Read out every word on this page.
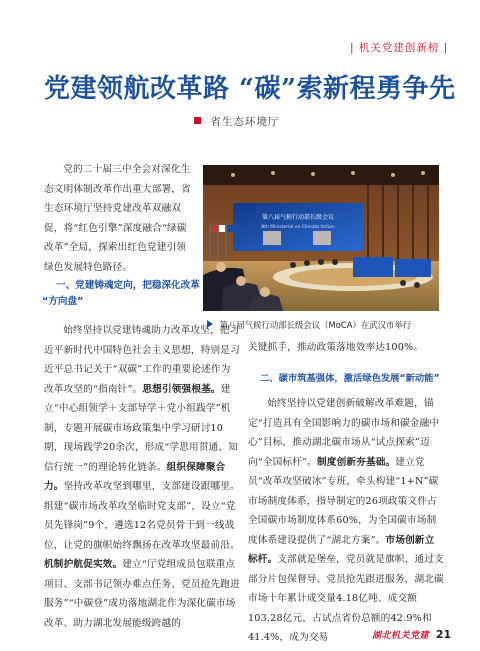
| 机关党建创新榜 |
党建领航改革路 “碳”索新程勇争先
省生态环境厅

党的二十届三中全会对深化生态文明体制改革作出重大部署，省生态环境厅坚持党建改革双融双促，将“红色引擎”深度融合“绿碳改革”全局，探索出红色党建引领绿色发展特色路径。

一、党建铸魂定向，把稳深化改革
“方向盘”

始终坚持以党建铸魂助力改革攻坚，把习近平新时代中国特色社会主义思想，特别是习近平总书记关于“双碳”工作的重要论述作为改革攻坚的“指南针”。思想引领强根基。建立“中心组领学＋支部导学＋党小组践学”机制，专题开展碳市场政策集中学习研讨10期，现场践学20余次，形成“学思用贯通、知信行统一”的理论转化链条。组织保障聚合力。坚持改革攻坚到哪里，支部建设跟哪里。组建“碳市场改革攻坚临时党支部”，设立“党员先锋岗”9个，遴选12名党员骨干到一线战位，让党的旗帜始终飘扬在改革攻坚最前沿。机制护航促实效。建立“厅党组成员包联重点项目、支部书记领办难点任务、党员抢先跑进服务”“中碳登”成功落地湖北作为深化碳市场改革、助力湖北发展能级跨越的

第八届气候行动部长级会议
8th Ministerial on Climate Action
第八届气候行动部长级会议（MoCA）在武汉市举行

关键抓手，推动政策落地效率达100%。

二、碳市筑基强体，激活绿色发展“新动能”

始终坚持以党建创新破解改革难题，锚定“打造具有全国影响力的碳市场和碳金融中心”目标，推动湖北碳市场从“试点探索”迈向“全国标杆”。制度创新夯基础。建立党员“改革攻坚破冰”专班，牵头构建“1+N”碳市场制度体系，指导制定的26项政策文件占全国碳市场制度体系60%，为全国碳市场制度体系建设提供了“湖北方案”。市场创新立标杆。支部就是堡垒，党员就是旗帜，通过支部分片包保督导、党员抢先跟进服务，湖北碳市场十年累计成交量4.18亿吨、成交额103.28亿元，占试点省份总额的42.9%和41.4%，成为交易	湖北机关党建 21
